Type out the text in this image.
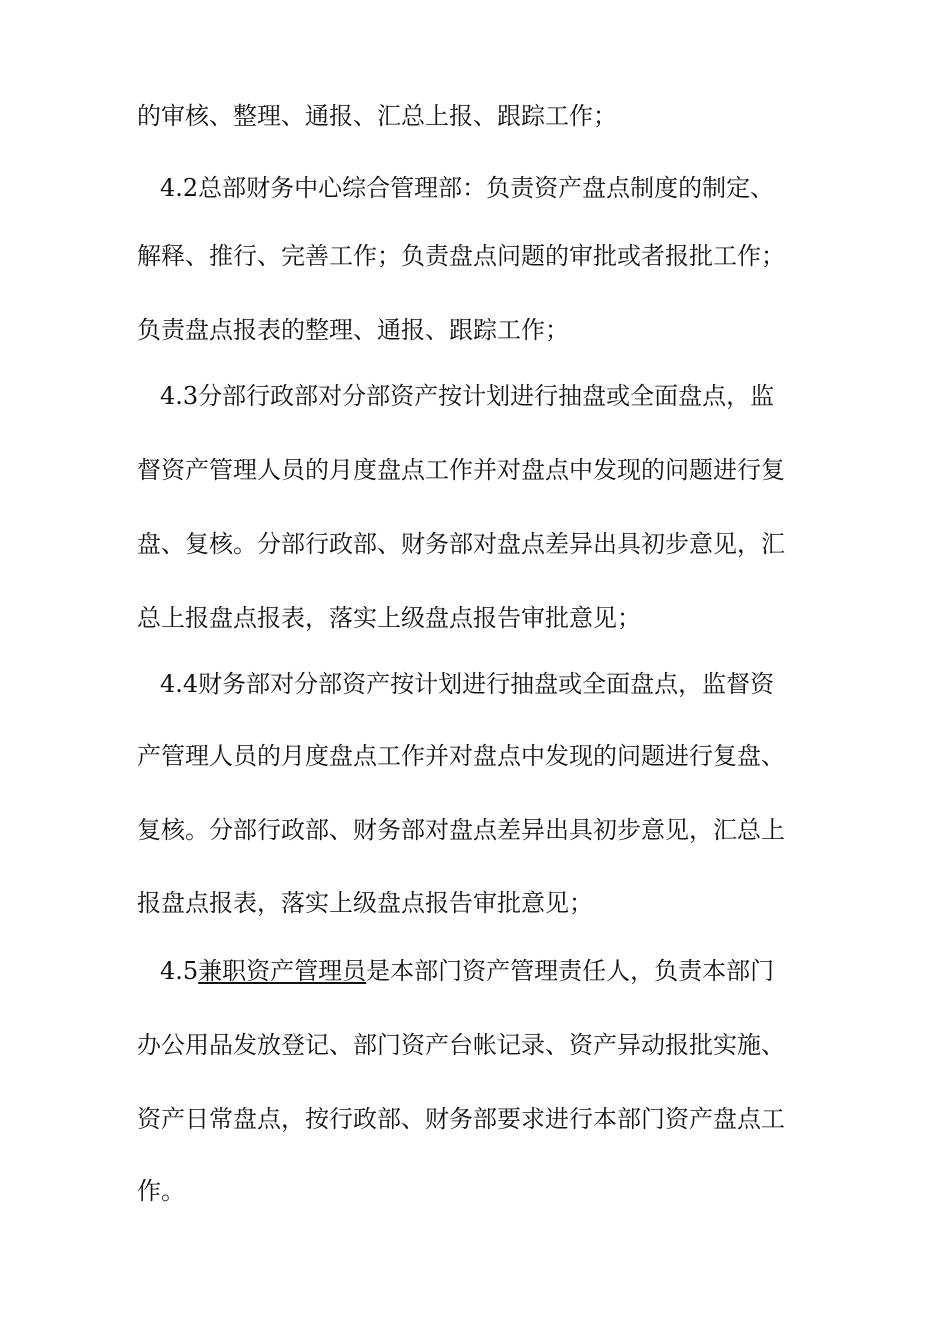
的审核、整理、通报、汇总上报、跟踪工作；
4.2总部财务中心综合管理部：负责资产盘点制度的制定、
解释、推行、完善工作；负责盘点问题的审批或者报批工作；
负责盘点报表的整理、通报、跟踪工作；
4.3分部行政部对分部资产按计划进行抽盘或全面盘点，监
督资产管理人员的月度盘点工作并对盘点中发现的问题进行复
盘、复核。分部行政部、财务部对盘点差异出具初步意见，汇
总上报盘点报表，落实上级盘点报告审批意见；
4.4财务部对分部资产按计划进行抽盘或全面盘点，监督资
产管理人员的月度盘点工作并对盘点中发现的问题进行复盘、
复核。分部行政部、财务部对盘点差异出具初步意见，汇总上
报盘点报表，落实上级盘点报告审批意见；
4.5兼职资产管理员是本部门资产管理责任人，负责本部门
办公用品发放登记、部门资产台帐记录、资产异动报批实施、
资产日常盘点，按行政部、财务部要求进行本部门资产盘点工
作。
